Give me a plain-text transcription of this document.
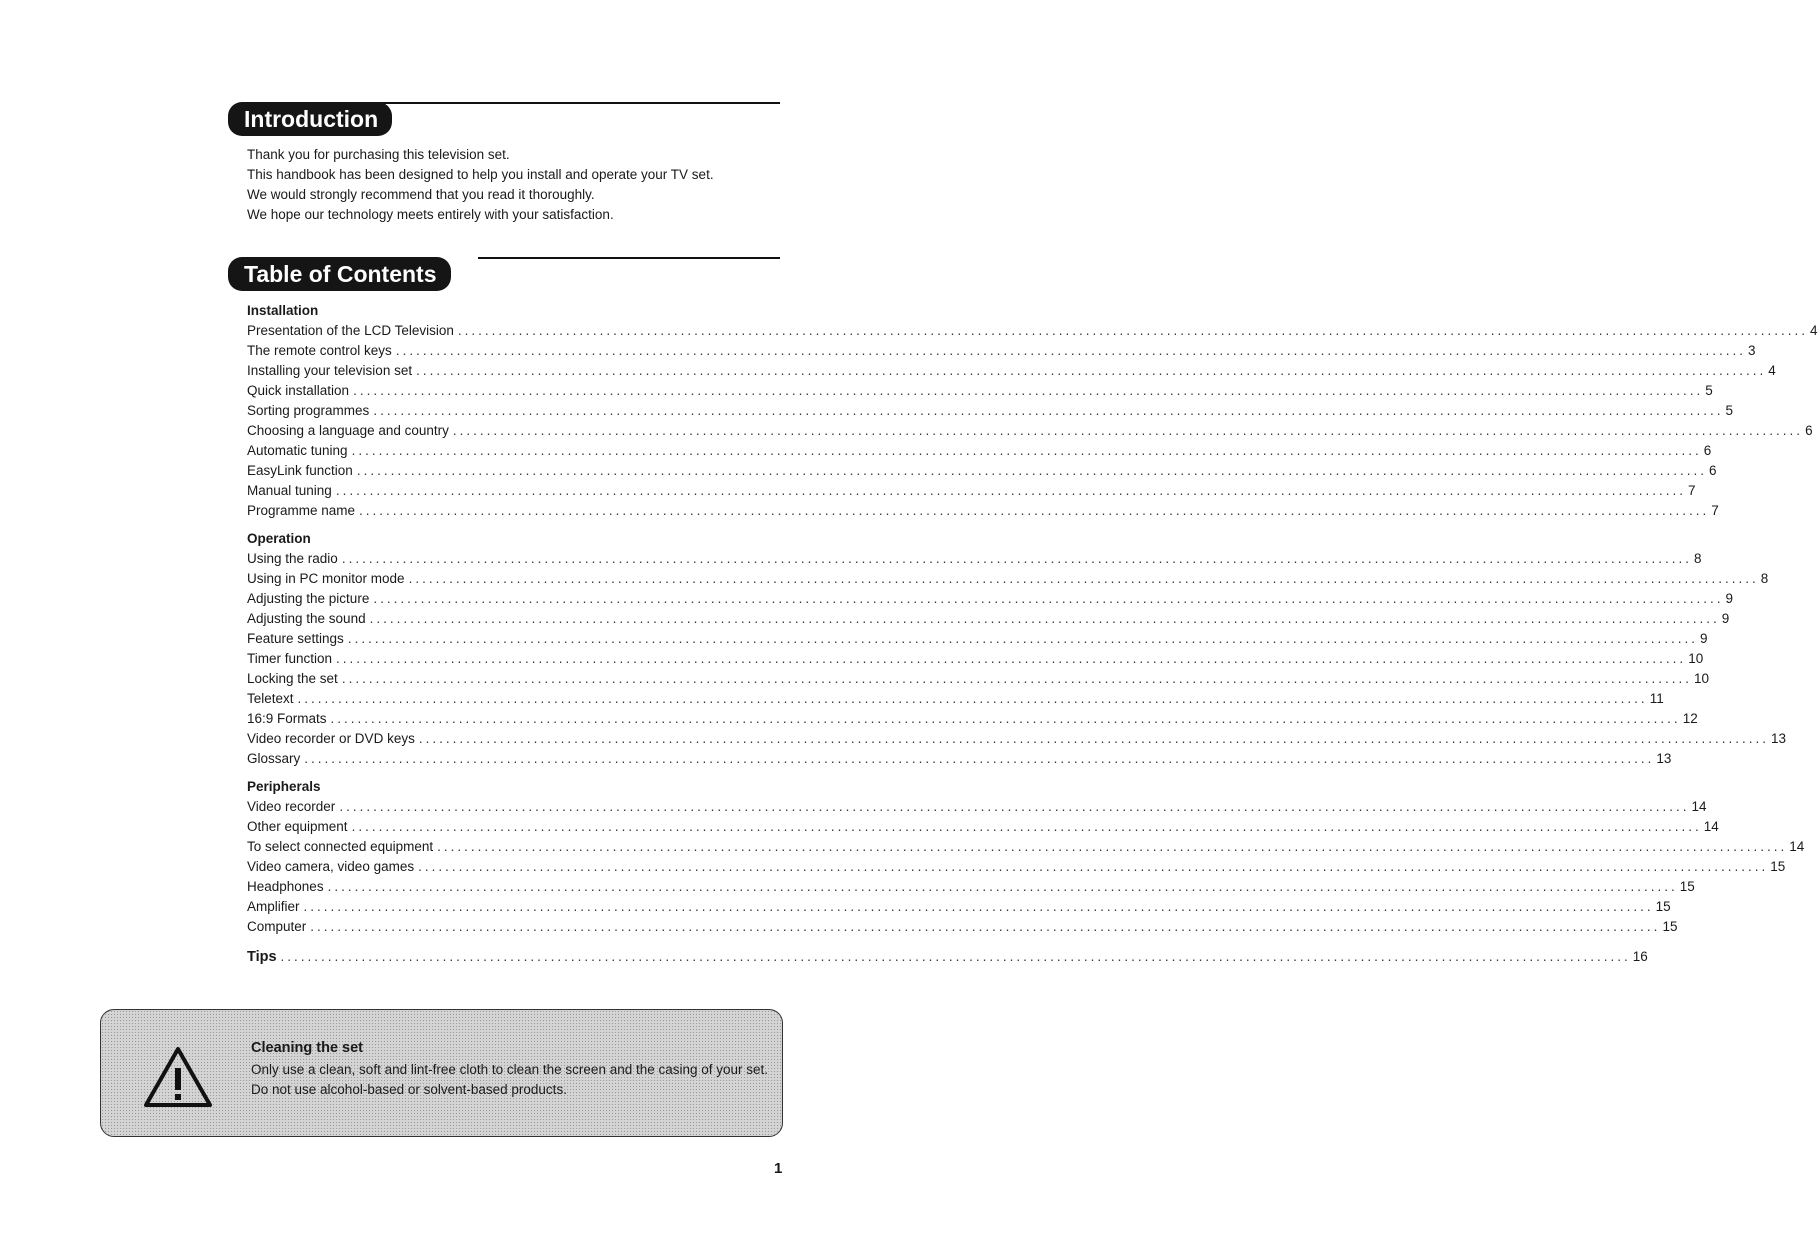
Introduction
Thank you for purchasing this television set.
This handbook has been designed to help you install and operate your TV set.
We would strongly recommend that you read it thoroughly.
We hope our technology meets entirely with your satisfaction.
Table of Contents
Installation
Presentation of the LCD Television ........................................................................................................................................................................................................ 4
The remote control keys ........................................................................................................................................................................................................ 3
Installing your television set ........................................................................................................................................................................................................ 4
Quick installation ........................................................................................................................................................................................................ 5
Sorting programmes ........................................................................................................................................................................................................ 5
Choosing a language and country ........................................................................................................................................................................................................ 6
Automatic tuning ........................................................................................................................................................................................................ 6
EasyLink function ........................................................................................................................................................................................................ 6
Manual tuning ........................................................................................................................................................................................................ 7
Programme name ........................................................................................................................................................................................................ 7
Operation
Using the radio ........................................................................................................................................................................................................ 8
Using in PC monitor mode ........................................................................................................................................................................................................ 8
Adjusting the picture ........................................................................................................................................................................................................ 9
Adjusting the sound ........................................................................................................................................................................................................ 9
Feature settings ........................................................................................................................................................................................................ 9
Timer function ........................................................................................................................................................................................................ 10
Locking the set ........................................................................................................................................................................................................ 10
Teletext ........................................................................................................................................................................................................ 11
16:9 Formats ........................................................................................................................................................................................................ 12
Video recorder or DVD keys ........................................................................................................................................................................................................ 13
Glossary ........................................................................................................................................................................................................ 13
Peripherals
Video recorder ........................................................................................................................................................................................................ 14
Other equipment ........................................................................................................................................................................................................ 14
To select connected equipment ........................................................................................................................................................................................................ 14
Video camera, video games ........................................................................................................................................................................................................ 15
Headphones ........................................................................................................................................................................................................ 15
Amplifier ........................................................................................................................................................................................................ 15
Computer ........................................................................................................................................................................................................ 15
Tips ........................................................................................................................................................................................................ 16
Cleaning the set
Only use a clean, soft and lint-free cloth to clean the screen and the casing of your set. Do not use alcohol-based or solvent-based products.
1
